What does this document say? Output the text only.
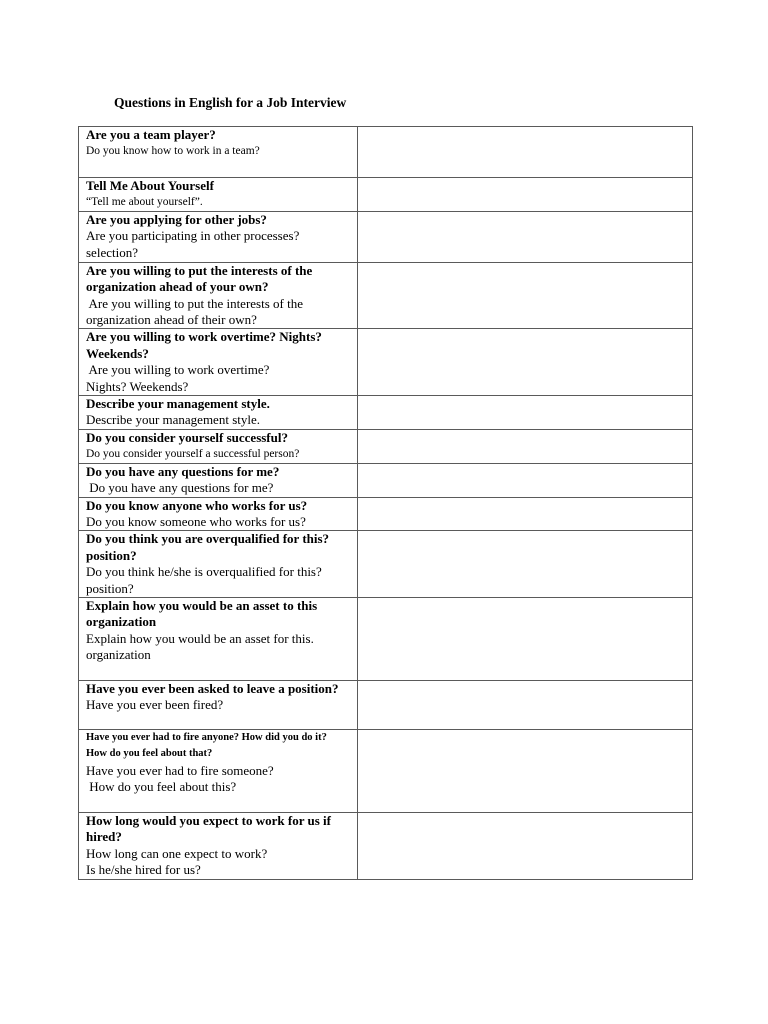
Questions in English for a Job Interview
Are you a team player?
Do you know how to work in a team?	

Tell Me About Yourself
“Tell me about yourself”.	

Are you applying for other jobs?
Are you participating in other processes?
selection?	

Are you willing to put the interests of the
organization ahead of your own?
Are you willing to put the interests of the
organization ahead of their own?	

Are you willing to work overtime? Nights?
Weekends?
Are you willing to work overtime?
Nights? Weekends?	

Describe your management style.
Describe your management style.	

Do you consider yourself successful?
Do you consider yourself a successful person?	

Do you have any questions for me?
Do you have any questions for me?	

Do you know anyone who works for us?
Do you know someone who works for us?	

Do you think you are overqualified for this?
position?
Do you think he/she is overqualified for this?
position?	

Explain how you would be an asset to this
organization
Explain how you would be an asset for this.
organization	

Have you ever been asked to leave a position?
Have you ever been fired?	

Have you ever had to fire anyone? How did you do it?
How do you feel about that?
Have you ever had to fire someone?
How do you feel about this?	

How long would you expect to work for us if
hired?
How long can one expect to work?
Is he/she hired for us?	
